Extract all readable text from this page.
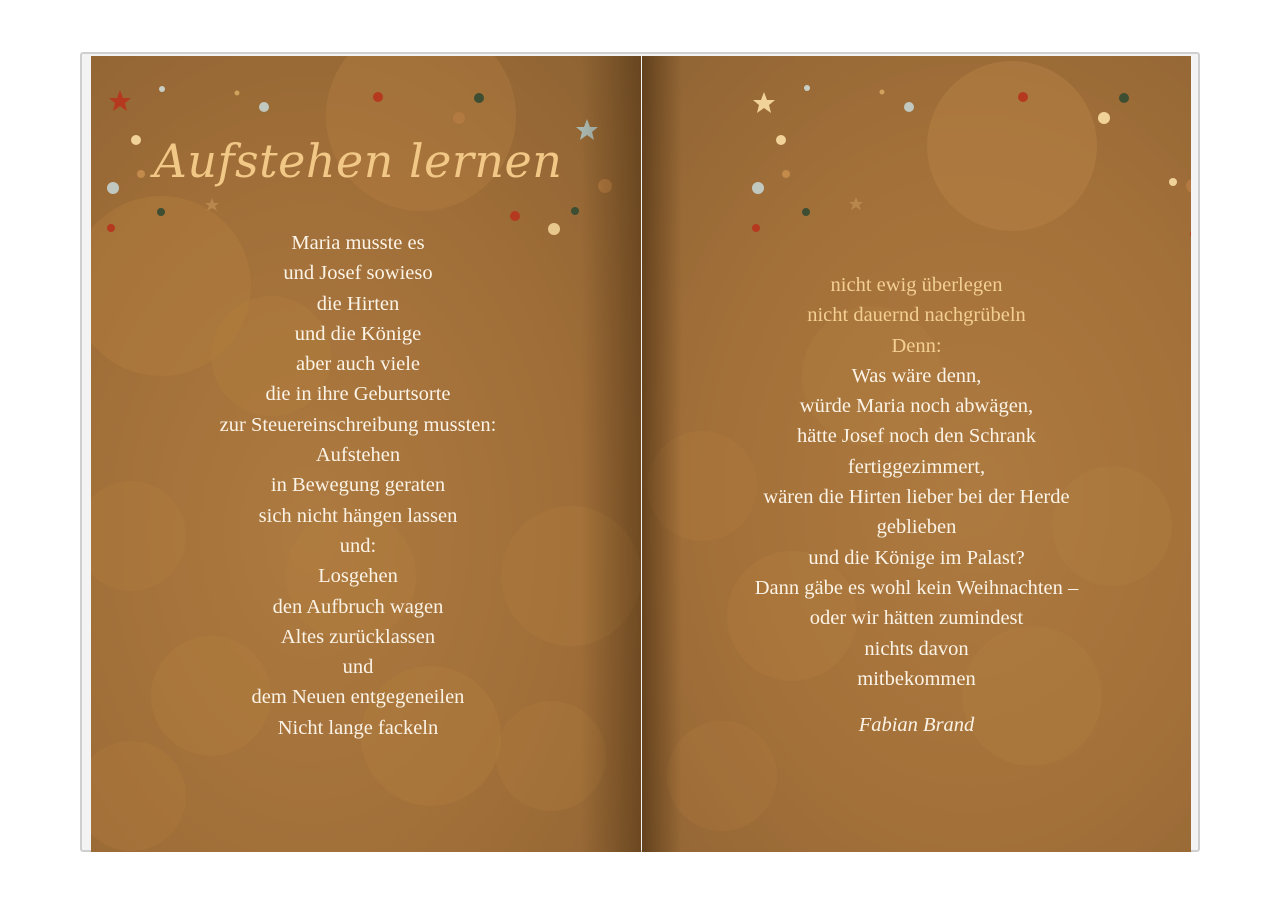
Aufstehen lernen
Maria musste es
und Josef sowieso
die Hirten
und die Könige
aber auch viele
die in ihre Geburtsorte
zur Steuereinschreibung mussten:
Aufstehen
in Bewegung geraten
sich nicht hängen lassen
und:
Losgehen
den Aufbruch wagen
Altes zurücklassen
und
dem Neuen entgegeneilen
Nicht lange fackeln
nicht ewig überlegen
nicht dauernd nachgrübeln
Denn:
Was wäre denn,
würde Maria noch abwägen,
hätte Josef noch den Schrank
fertiggezimmert,
wären die Hirten lieber bei der Herde
geblieben
und die Könige im Palast?
Dann gäbe es wohl kein Weihnachten –
oder wir hätten zumindest
nichts davon
mitbekommen
Fabian Brand
